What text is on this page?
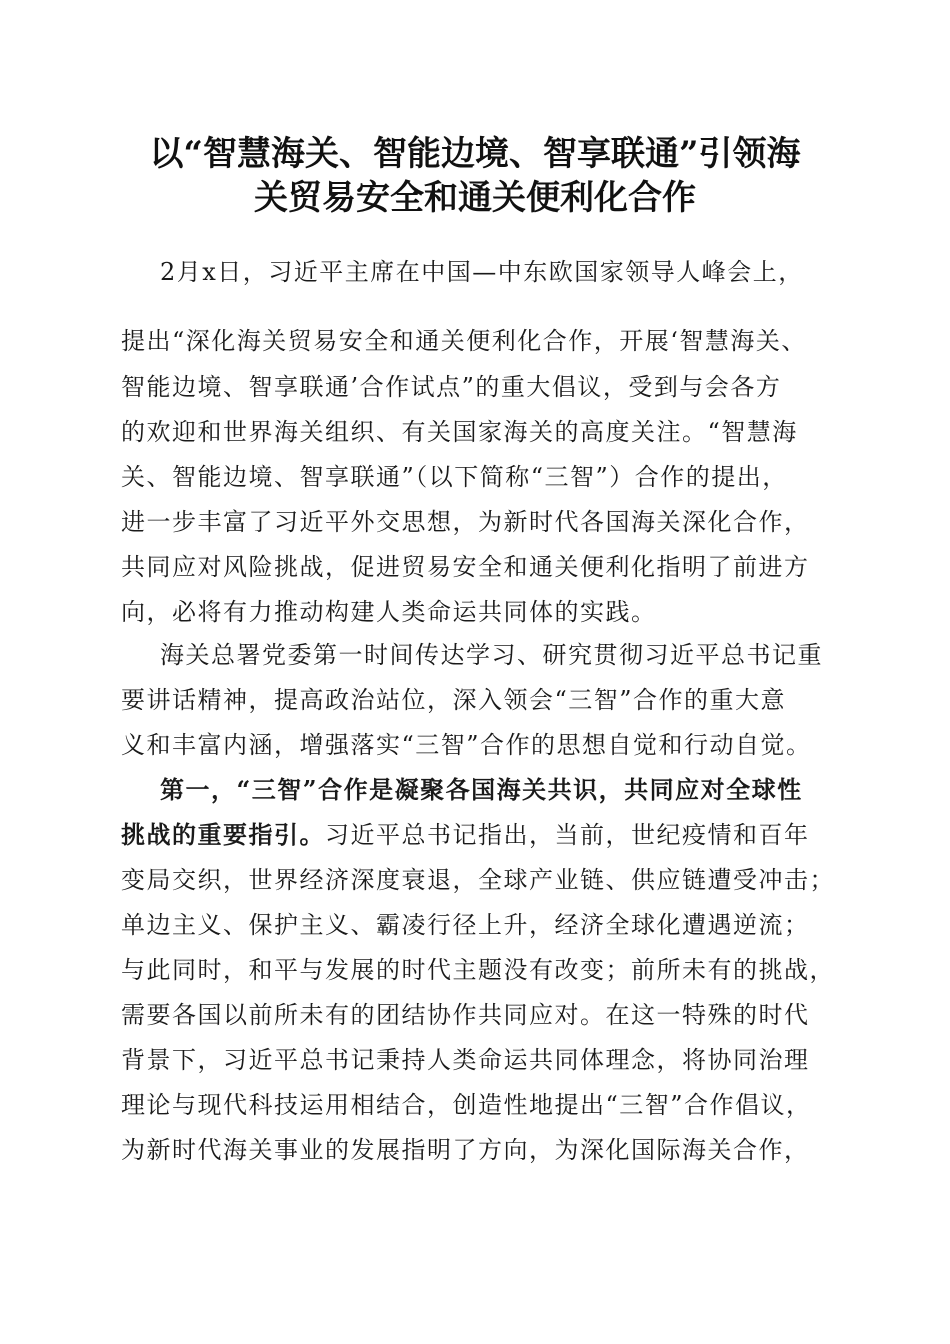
以“智慧海关、智能边境、智享联通”引领海
关贸易安全和通关便利化合作
2月x日，习近平主席在中国—中东欧国家领导人峰会上，
提出“深化海关贸易安全和通关便利化合作，开展‘智慧海关、
智能边境、智享联通’合作试点”的重大倡议，受到与会各方
的欢迎和世界海关组织、有关国家海关的高度关注。“智慧海
关、智能边境、智享联通”（以下简称“三智”）合作的提出，
进一步丰富了习近平外交思想，为新时代各国海关深化合作，
共同应对风险挑战，促进贸易安全和通关便利化指明了前进方
向，必将有力推动构建人类命运共同体的实践。
海关总署党委第一时间传达学习、研究贯彻习近平总书记重
要讲话精神，提高政治站位，深入领会“三智”合作的重大意
义和丰富内涵，增强落实“三智”合作的思想自觉和行动自觉。
第一，“三智”合作是凝聚各国海关共识，共同应对全球性
挑战的重要指引。习近平总书记指出，当前，世纪疫情和百年
变局交织，世界经济深度衰退，全球产业链、供应链遭受冲击；
单边主义、保护主义、霸凌行径上升，经济全球化遭遇逆流；
与此同时，和平与发展的时代主题没有改变；前所未有的挑战，
需要各国以前所未有的团结协作共同应对。在这一特殊的时代
背景下，习近平总书记秉持人类命运共同体理念，将协同治理
理论与现代科技运用相结合，创造性地提出“三智”合作倡议，
为新时代海关事业的发展指明了方向，为深化国际海关合作，
